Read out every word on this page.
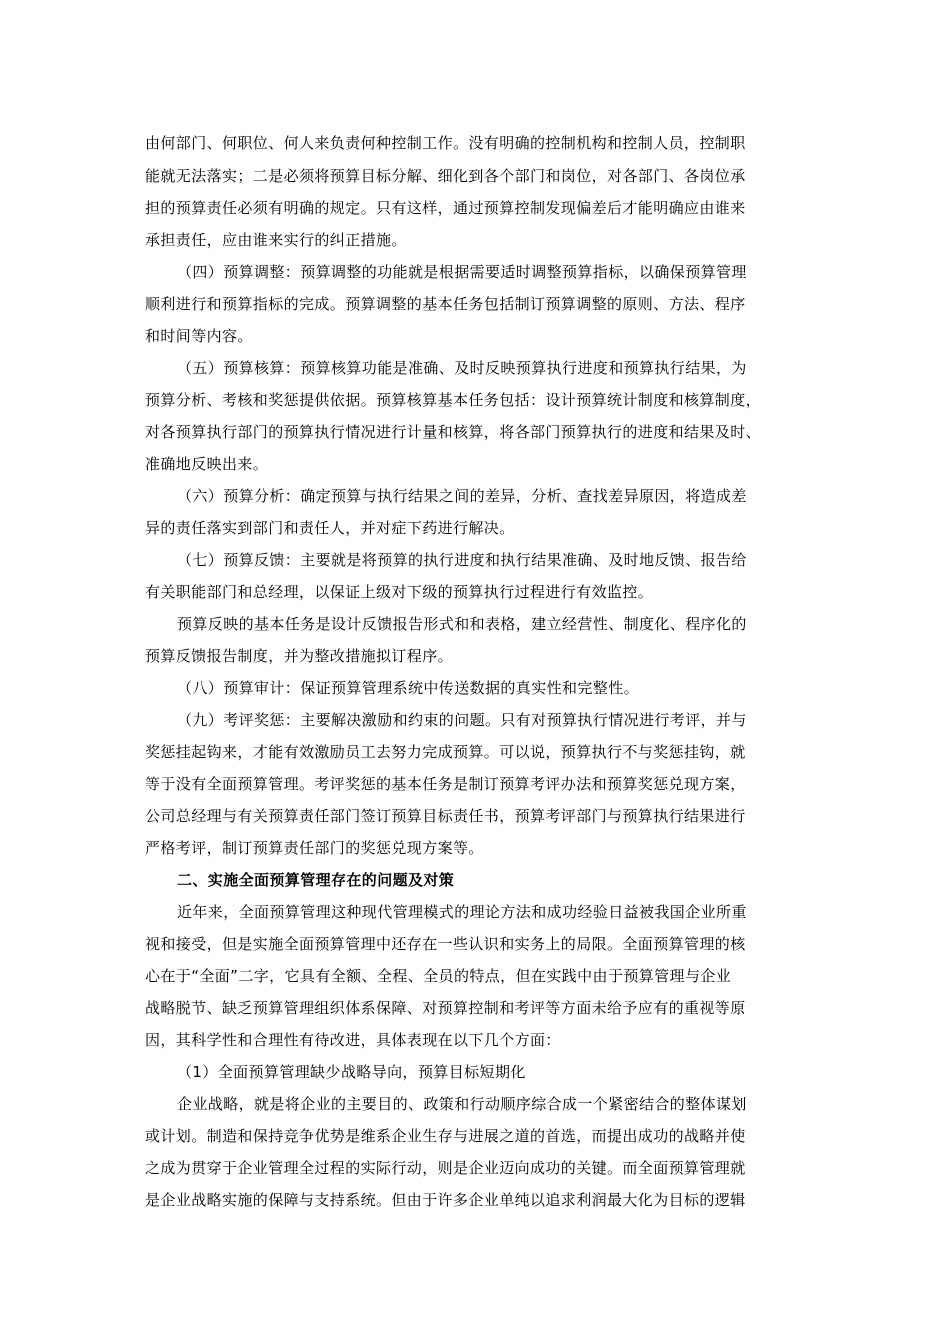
由何部门、何职位、何人来负责何种控制工作。没有明确的控制机构和控制人员，控制职
能就无法落实；二是必须将预算目标分解、细化到各个部门和岗位，对各部门、各岗位承
担的预算责任必须有明确的规定。只有这样，通过预算控制发现偏差后才能明确应由谁来
承担责任，应由谁来实行的纠正措施。
（四）预算调整：预算调整的功能就是根据需要适时调整预算指标，以确保预算管理
顺利进行和预算指标的完成。预算调整的基本任务包括制订预算调整的原则、方法、程序
和时间等内容。
（五）预算核算：预算核算功能是准确、及时反映预算执行进度和预算执行结果，为
预算分析、考核和奖惩提供依据。预算核算基本任务包括：设计预算统计制度和核算制度，
对各预算执行部门的预算执行情况进行计量和核算，将各部门预算执行的进度和结果及时、
准确地反映出来。
（六）预算分析：确定预算与执行结果之间的差异，分析、查找差异原因，将造成差
异的责任落实到部门和责任人，并对症下药进行解决。
（七）预算反馈：主要就是将预算的执行进度和执行结果准确、及时地反馈、报告给
有关职能部门和总经理，以保证上级对下级的预算执行过程进行有效监控。
预算反映的基本任务是设计反馈报告形式和和表格，建立经营性、制度化、程序化的
预算反馈报告制度，并为整改措施拟订程序。
（八）预算审计：保证预算管理系统中传送数据的真实性和完整性。
（九）考评奖惩：主要解决激励和约束的问题。只有对预算执行情况进行考评，并与
奖惩挂起钩来，才能有效激励员工去努力完成预算。可以说，预算执行不与奖惩挂钩，就
等于没有全面预算管理。考评奖惩的基本任务是制订预算考评办法和预算奖惩兑现方案，
公司总经理与有关预算责任部门签订预算目标责任书，预算考评部门与预算执行结果进行
严格考评，制订预算责任部门的奖惩兑现方案等。
二、实施全面预算管理存在的问题及对策
近年来，全面预算管理这种现代管理模式的理论方法和成功经验日益被我国企业所重
视和接受，但是实施全面预算管理中还存在一些认识和实务上的局限。全面预算管理的核
心在于“全面”二字，它具有全额、全程、全员的特点，但在实践中由于预算管理与企业
战略脱节、缺乏预算管理组织体系保障、对预算控制和考评等方面未给予应有的重视等原
因，其科学性和合理性有待改进，具体表现在以下几个方面：
（1）全面预算管理缺少战略导向，预算目标短期化
企业战略，就是将企业的主要目的、政策和行动顺序综合成一个紧密结合的整体谋划
或计划。制造和保持竞争优势是维系企业生存与进展之道的首选，而提出成功的战略并使
之成为贯穿于企业管理全过程的实际行动，则是企业迈向成功的关键。而全面预算管理就
是企业战略实施的保障与支持系统。但由于许多企业单纯以追求利润最大化为目标的逻辑
